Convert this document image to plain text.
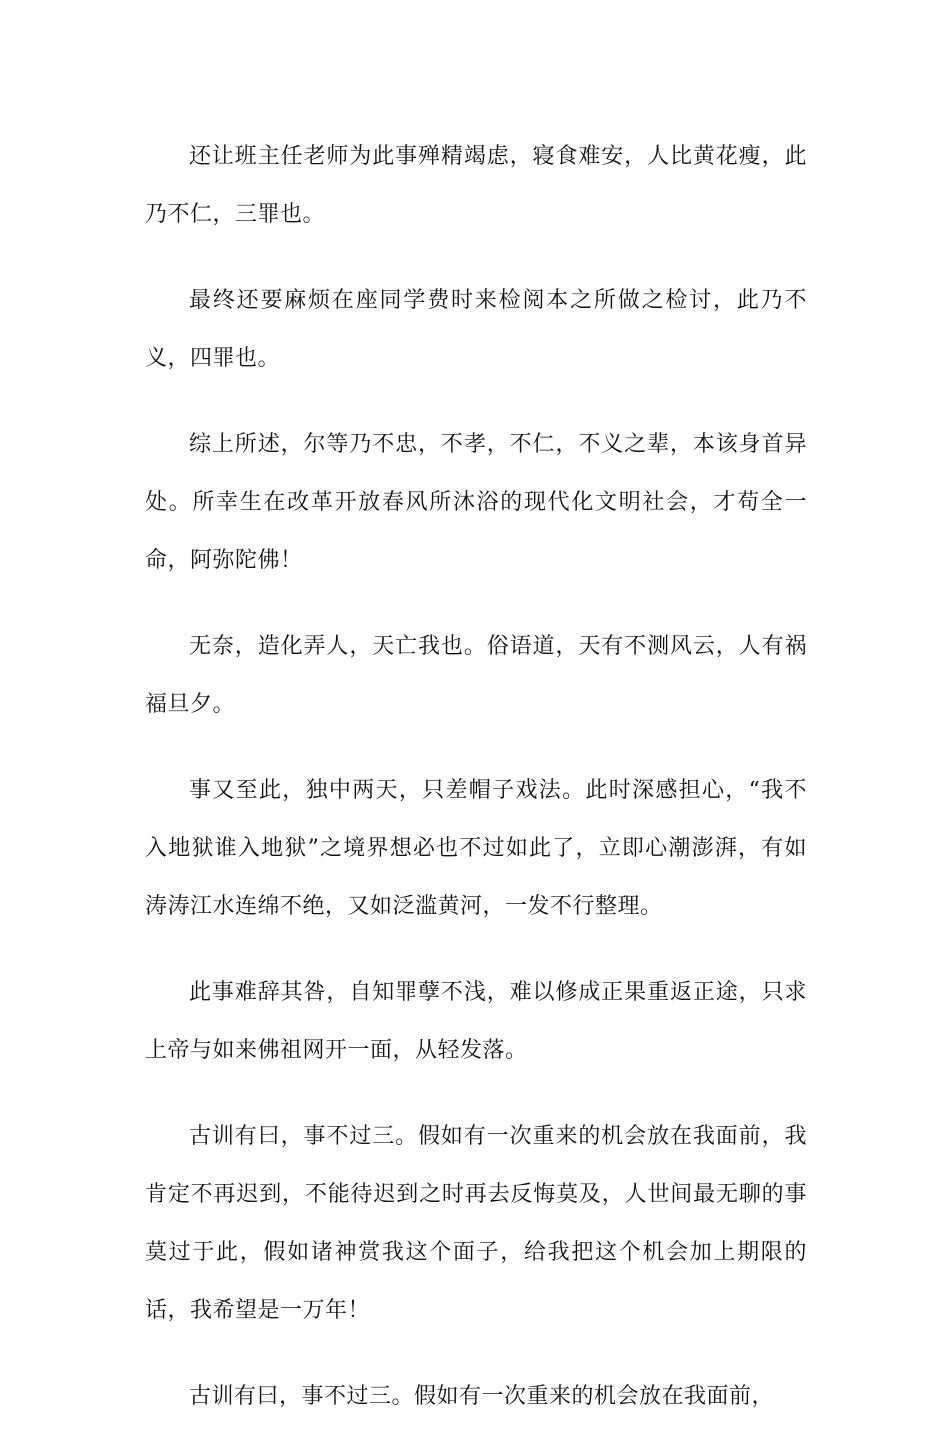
还让班主任老师为此事殚精竭虑，寝食难安，人比黄花瘦，此乃不仁，三罪也。

最终还要麻烦在座同学费时来检阅本之所做之检讨，此乃不义，四罪也。

综上所述，尔等乃不忠，不孝，不仁，不义之辈，本该身首异处。所幸生在改革开放春风所沐浴的现代化文明社会，才苟全一命，阿弥陀佛！

无奈，造化弄人，天亡我也。俗语道，天有不测风云，人有祸福旦夕。

事又至此，独中两天，只差帽子戏法。此时深感担心，“我不入地狱谁入地狱”之境界想必也不过如此了，立即心潮澎湃，有如涛涛江水连绵不绝，又如泛滥黄河，一发不行整理。

此事难辞其咎，自知罪孽不浅，难以修成正果重返正途，只求上帝与如来佛祖网开一面，从轻发落。

古训有曰，事不过三。假如有一次重来的机会放在我面前，我肯定不再迟到，不能待迟到之时再去反悔莫及，人世间最无聊的事莫过于此，假如诸神赏我这个面子，给我把这个机会加上期限的话，我希望是一万年！

古训有曰，事不过三。假如有一次重来的机会放在我面前，
